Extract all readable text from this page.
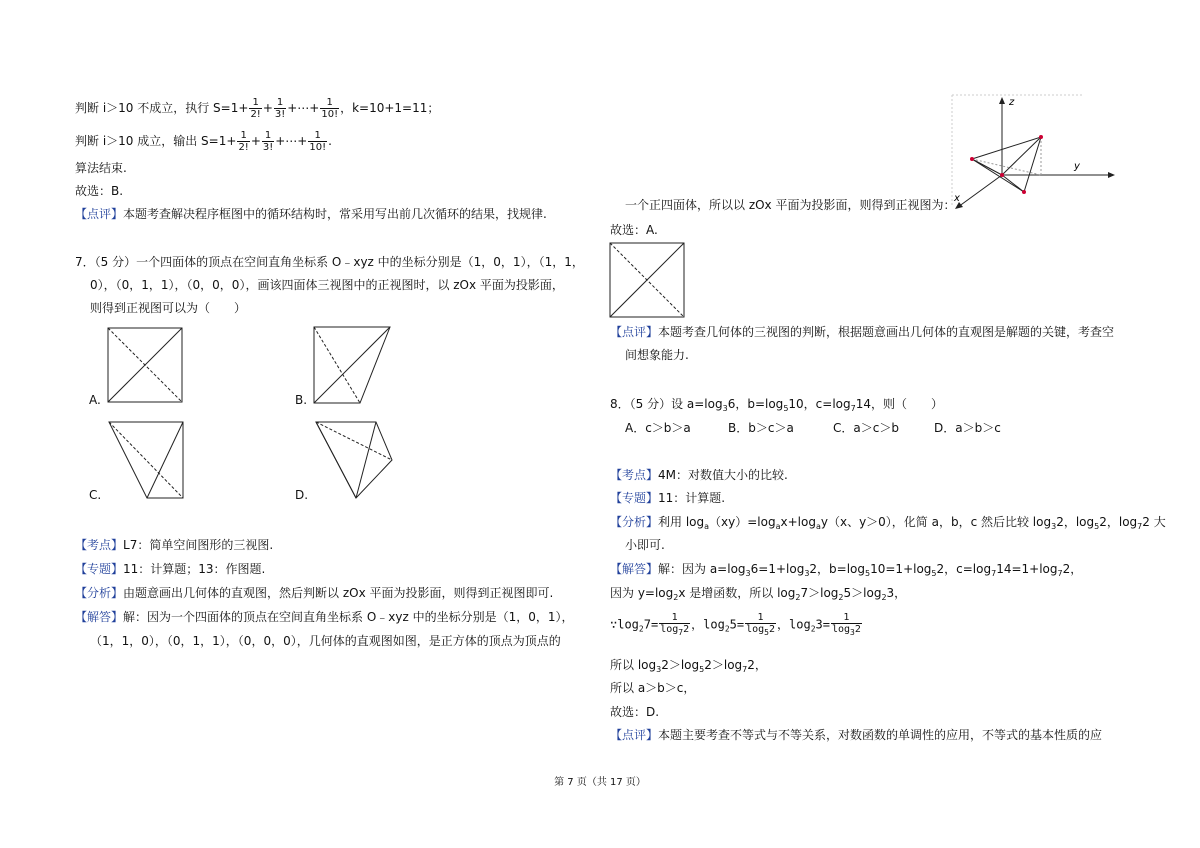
判断 i＞10 不成立，执行 $S=1+ \frac{1}{2!} + \frac{1}{3!}$ +⋯+ $\frac{1}{10!}$ ，k=10+1=11；
判断 i＞10 成立，输出 $S=1+ \frac{1}{2!} + \frac{1}{3!}$ +⋯+ $\frac{1}{10!}$ .
算法结束.
故选：B.
【点评】本题考查解决程序框图中的循环结构时，常采用写出前几次循环的结果，找规律.
7．（5 分）一个四面体的顶点在空间直角坐标系 O﹣xyz 中的坐标分别是（1，0，1），（1，1，
0），（0，1，1），（0，0，0），画该四面体三视图中的正视图时，以 zOx 平面为投影面，
则得到正视图可以为（　　）
A.	B.
C.	D.
【考点】L7：简单空间图形的三视图.
【专题】11：计算题；13：作图题.
【分析】由题意画出几何体的直观图，然后判断以 zOx 平面为投影面，则得到正视图即可.
【解答】解：因为一个四面体的顶点在空间直角坐标系 O﹣xyz 中的坐标分别是（1，0，1），
（1，1，0），（0，1，1），（0，0，0），几何体的直观图如图，是正方体的顶点为顶点的
z
y
x
一个正四面体，所以以 zOx 平面为投影面，则得到正视图为：
故选：A.
【点评】本题考查几何体的三视图的判断，根据题意画出几何体的直观图是解题的关键，考查空
间想象能力.
8．（5 分）设 $a=\log_36$，$b=\log_510$，$c=\log_714$，则（　　）
A．c＞b＞a	B．b＞c＞a	C．a＞c＞b	D．a＞b＞c
【考点】4M：对数值大小的比较.
【专题】11：计算题.
【分析】利用 $\log_a(xy)=\log_ax+\log_ay(x$、y＞0），化简 a，b，c 然后比较 $\log_32$，$\log_52$，$\log_72$ 大
小即可.
【解答】解：因为 $a=\log_36=1+\log_32$，$b=\log_510=1+\log_52$，$c=\log_714=1+\log_72$，
因为 $y=\log_2x$ 是增函数，所以 $\log_27>\log_25>\log_23$，
$\because\log_27= \frac{1}{\log_72}$ ，$\log_25= \frac{1}{\log_52}$ ，$\log_23= \frac{1}{\log_32}$
所以 $\log_32>\log_52>\log_72$，
所以 a＞b＞c，
故选：D.
【点评】本题主要考查不等式与不等关系，对数函数的单调性的应用，不等式的基本性质的应
第 7 页（共 17 页）
